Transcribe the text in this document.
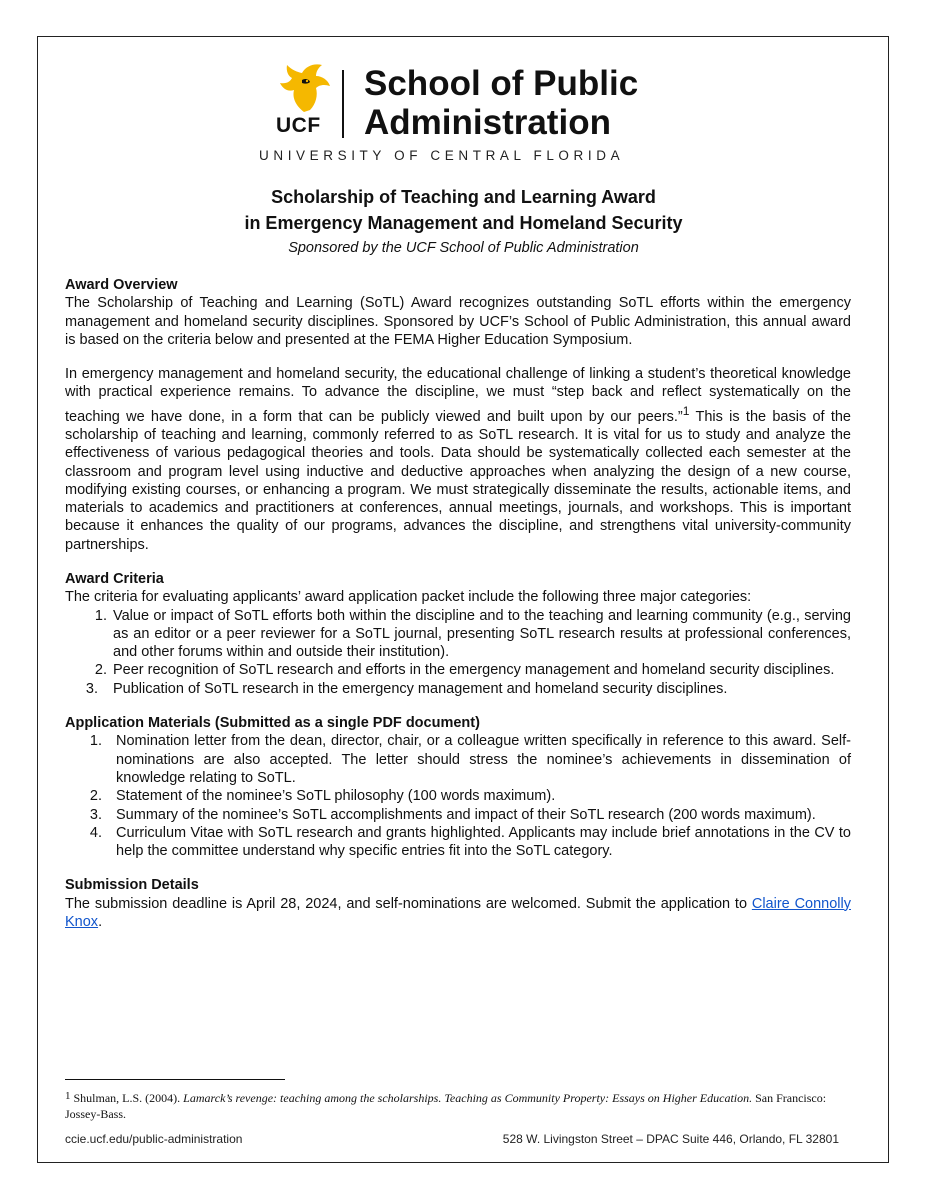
UCF
School of Public
Administration
UNIVERSITY OF CENTRAL FLORIDA
Scholarship of Teaching and Learning Award
in Emergency Management and Homeland Security
Sponsored by the UCF School of Public Administration
Award Overview

The Scholarship of Teaching and Learning (SoTL) Award recognizes outstanding SoTL efforts within the emergency management and homeland security disciplines. Sponsored by UCF’s School of Public Administration, this annual award is based on the criteria below and presented at the FEMA Higher Education Symposium.

In emergency management and homeland security, the educational challenge of linking a student’s theoretical knowledge with practical experience remains. To advance the discipline, we must “step back and reflect systematically on the teaching we have done, in a form that can be publicly viewed and built upon by our peers.”$^1$ This is the basis of the scholarship of teaching and learning, commonly referred to as SoTL research. It is vital for us to study and analyze the effectiveness of various pedagogical theories and tools. Data should be systematically collected each semester at the classroom and program level using inductive and deductive approaches when analyzing the design of a new course, modifying existing courses, or enhancing a program. We must strategically disseminate the results, actionable items, and materials to academics and practitioners at conferences, annual meetings, journals, and workshops. This is important because it enhances the quality of our programs, advances the discipline, and strengthens vital university-community partnerships.

Award Criteria

The criteria for evaluating applicants’ award application packet include the following three major categories:

1. Value or impact of SoTL efforts both within the discipline and to the teaching and learning community (e.g., serving as an editor or a peer reviewer for a SoTL journal, presenting SoTL research results at professional conferences, and other forums within and outside their institution).
2. Peer recognition of SoTL research and efforts in the emergency management and homeland security disciplines.
3.	Publication of SoTL research in the emergency management and homeland security disciplines.
Application Materials (Submitted as a single PDF document)
1. Nomination letter from the dean, director, chair, or a colleague written specifically in reference to this award. Self-nominations are also accepted. The letter should stress the nominee’s achievements in dissemination of knowledge relating to SoTL.
2. Statement of the nominee’s SoTL philosophy (100 words maximum).
3. Summary of the nominee’s SoTL accomplishments and impact of their SoTL research (200 words maximum).
4. Curriculum Vitae with SoTL research and grants highlighted. Applicants may include brief annotations in the CV to help the committee understand why specific entries fit into the SoTL category.
Submission Details

The submission deadline is April 28, 2024, and self-nominations are welcomed. Submit the application to Claire Connolly Knox.

$^1$ Shulman, L.S. (2004). Lamarck’s revenge: teaching among the scholarships. Teaching as Community Property: Essays on Higher Education. San Francisco: Jossey-Bass.
ccie.ucf.edu/public-administration	528 W. Livingston Street – DPAC Suite 446, Orlando, FL 32801
